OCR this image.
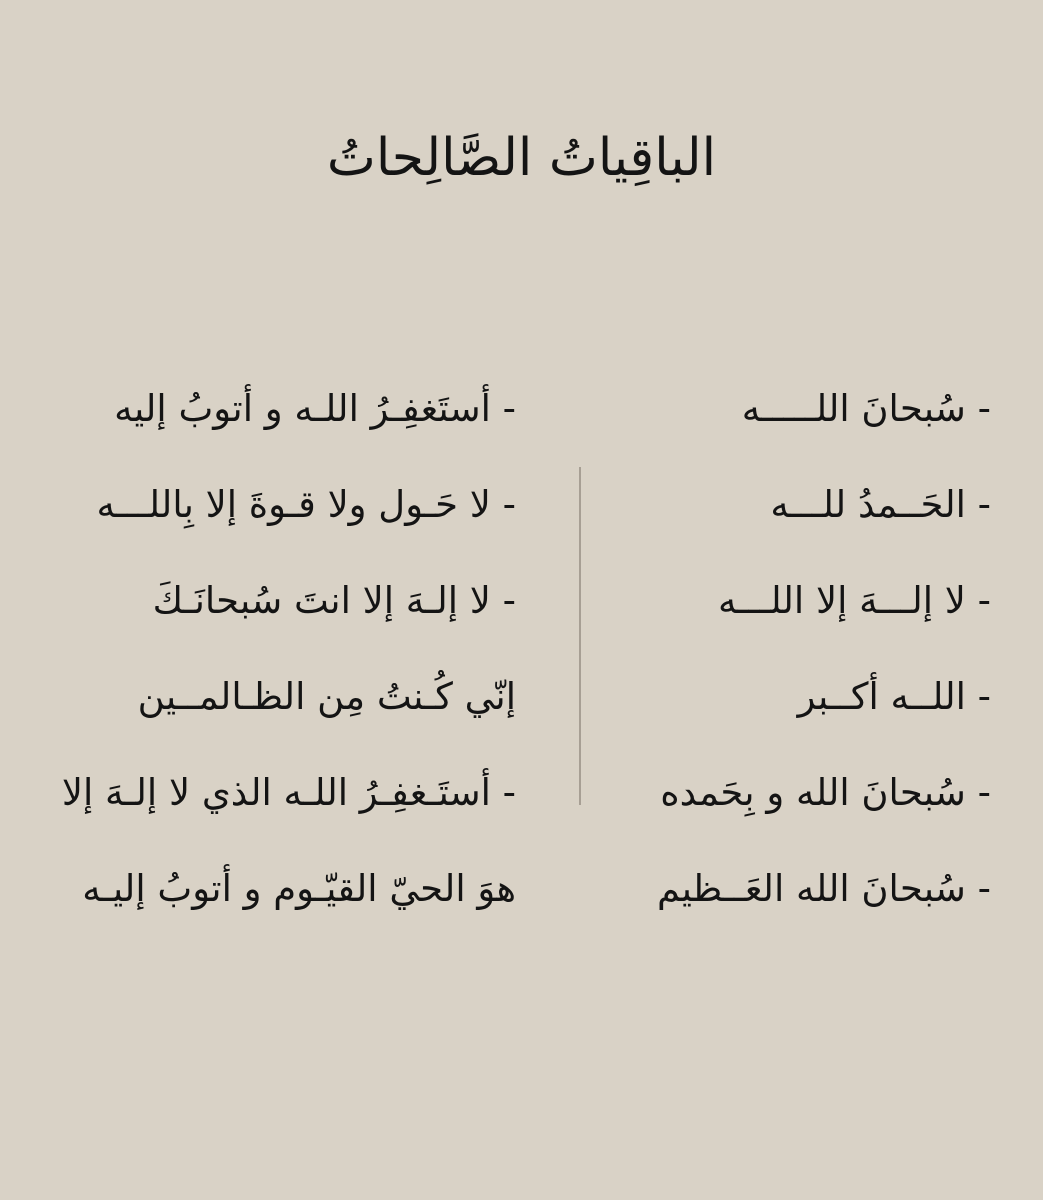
الباقِياتُ الصَّالِحاتُ
- سُبحانَ اللـــــه
- الحَــمدُ للـــه
- لا إلـــهَ إلا اللـــه
- اللــه أكــبر
- سُبحانَ الله و بِحَمده
- سُبحانَ الله العَــظيم
- أستَغفِـرُ اللـه و أتوبُ إليه
- لا حَـول ولا قـوةَ إلا بِاللـــه
- لا إلـهَ إلا انتَ سُبحانَـكَ
إنّي كُـنتُ مِن الظـالمــين
- أستَـغفِـرُ اللـه الذي لا إلـهَ إلا
هوَ الحيّ القيّـوم و أتوبُ إليـه
